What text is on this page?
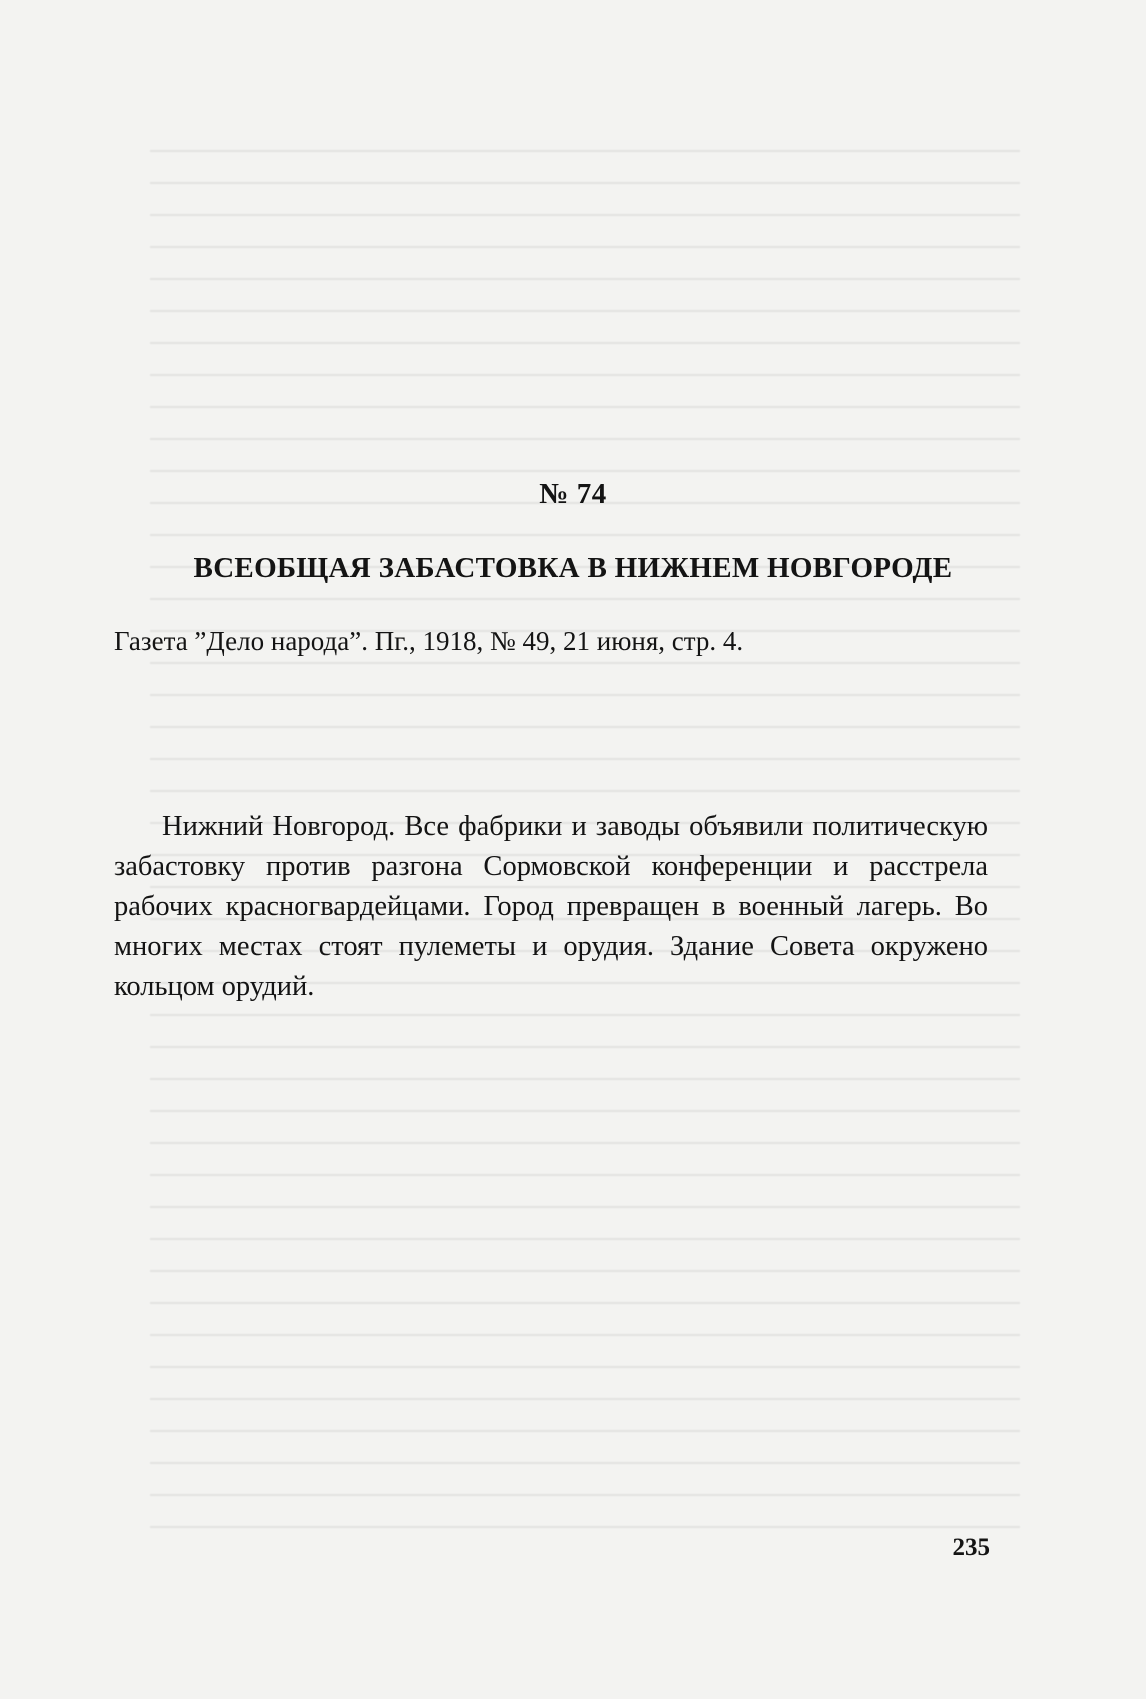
№ 74
ВСЕОБЩАЯ ЗАБАСТОВКА В НИЖНЕМ НОВГОРОДЕ
Газета ”Дело народа”. Пг., 1918, № 49, 21 июня, стр. 4.

Нижний Новгород. Все фабрики и заводы объявили политическую забастовку против разгона Сормовской конференции и расстрела рабочих красногвардейцами. Город превращен в военный лагерь. Во многих местах стоят пулеметы и орудия. Здание Совета окружено кольцом орудий.

235
